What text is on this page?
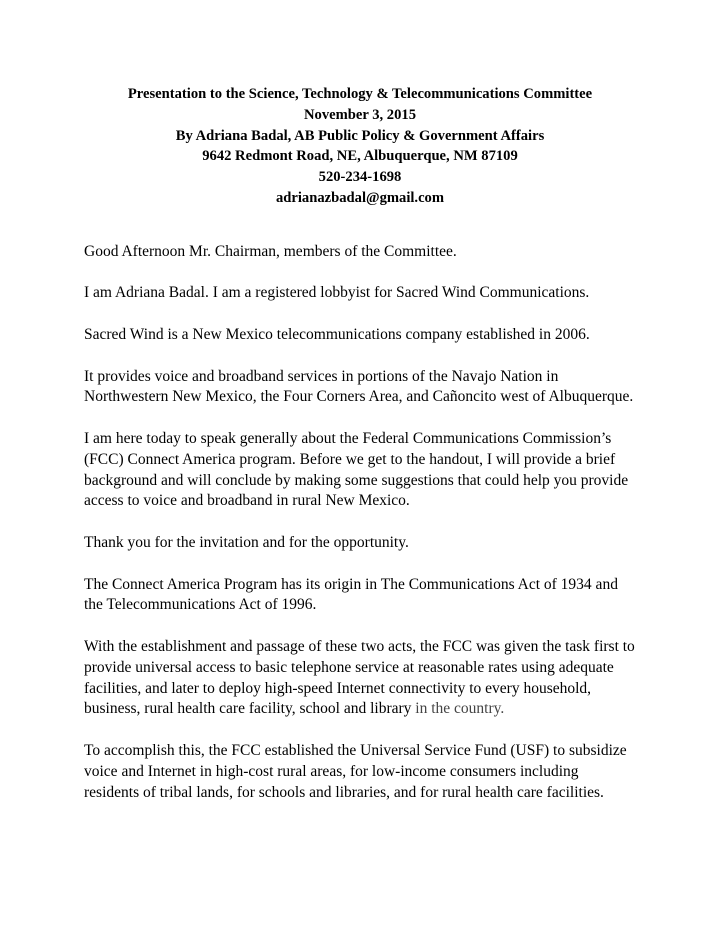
Presentation to the Science, Technology & Telecommunications Committee
November 3, 2015
By Adriana Badal, AB Public Policy & Government Affairs
9642 Redmont Road, NE, Albuquerque, NM 87109
520-234-1698
adrianazbadal@gmail.com

Good Afternoon Mr. Chairman, members of the Committee.

I am Adriana Badal. I am a registered lobbyist for Sacred Wind Communications.

Sacred Wind is a New Mexico telecommunications company established in 2006.

It provides voice and broadband services in portions of the Navajo Nation in Northwestern New Mexico, the Four Corners Area, and Cañoncito west of Albuquerque.

I am here today to speak generally about the Federal Communications Commission’s (FCC) Connect America program. Before we get to the handout, I will provide a brief background and will conclude by making some suggestions that could help you provide access to voice and broadband in rural New Mexico.

Thank you for the invitation and for the opportunity.

The Connect America Program has its origin in The Communications Act of 1934 and the Telecommunications Act of 1996.

With the establishment and passage of these two acts, the FCC was given the task first to provide universal access to basic telephone service at reasonable rates using adequate facilities, and later to deploy high-speed Internet connectivity to every household, business, rural health care facility, school and library in the country.

To accomplish this, the FCC established the Universal Service Fund (USF) to subsidize voice and Internet in high-cost rural areas, for low-income consumers including residents of tribal lands, for schools and libraries, and for rural health care facilities.
